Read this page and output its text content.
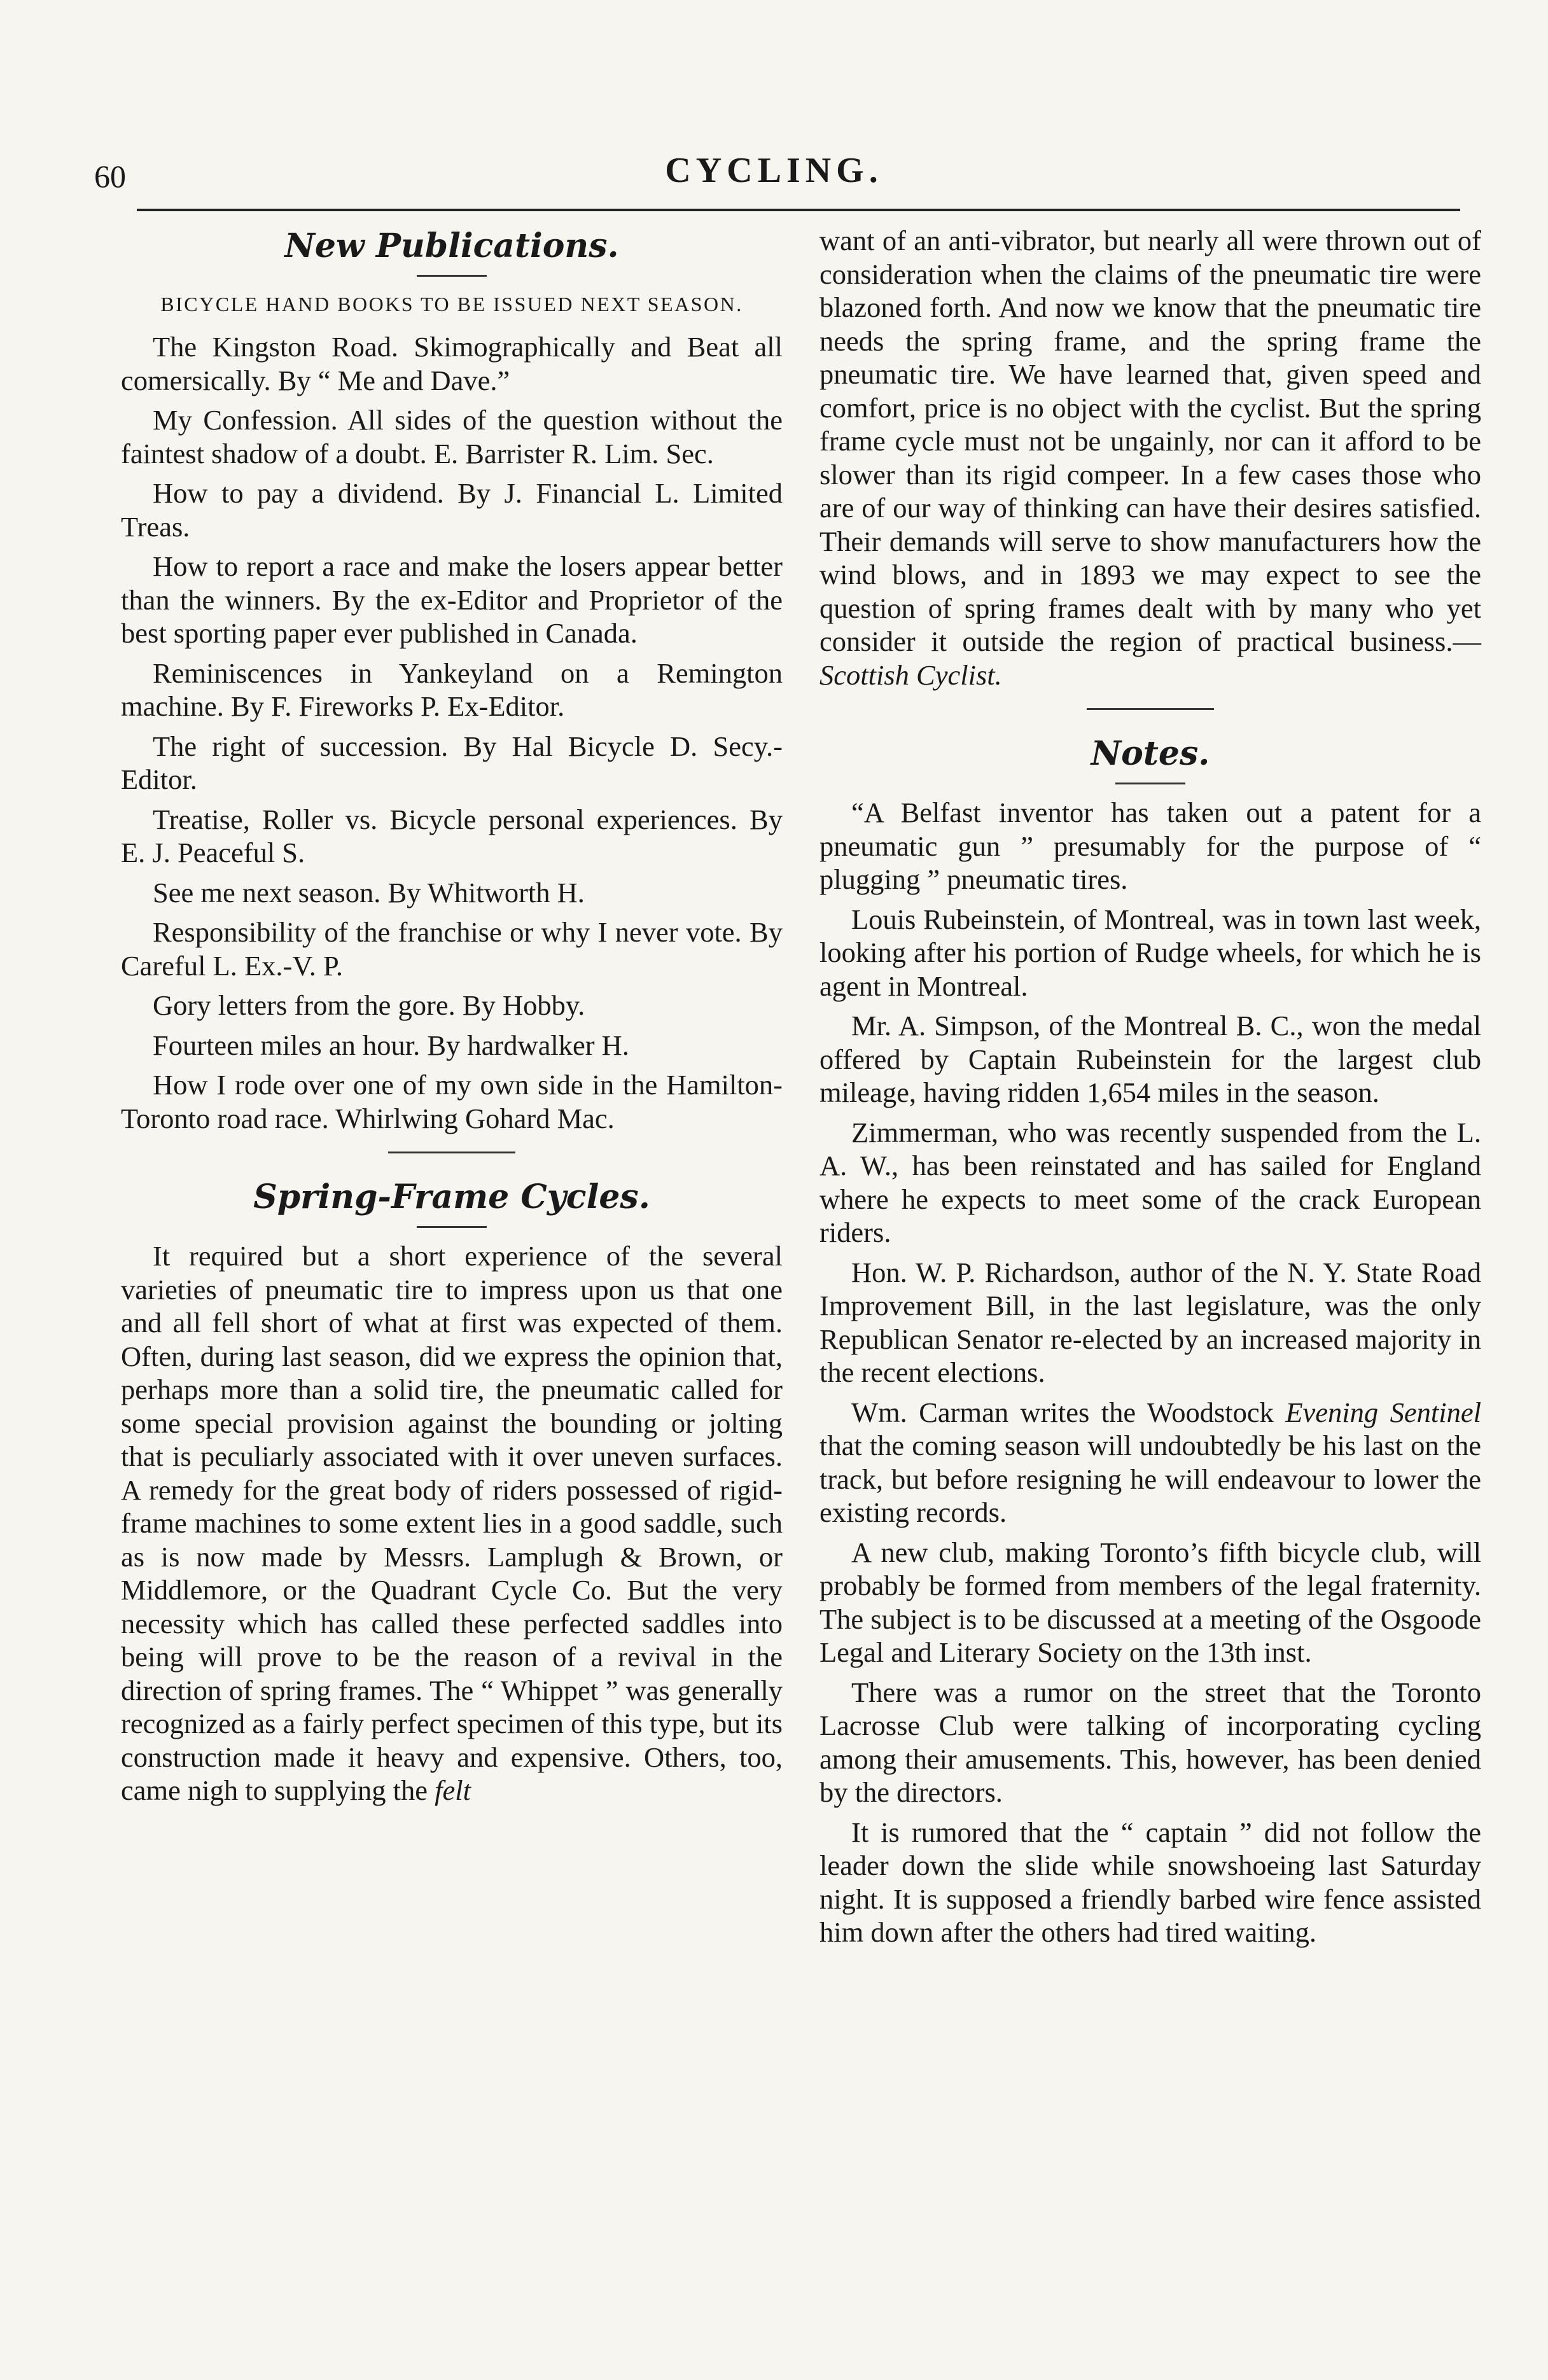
60	CYCLING.
New Publications.
BICYCLE HAND BOOKS TO BE ISSUED NEXT SEASON.

The Kingston Road. Skimographically and Beat all comersically. By “ Me and Dave.”

My Confession. All sides of the question without the faintest shadow of a doubt. E. Barrister R. Lim. Sec.

How to pay a dividend. By J. Financial L. Limited Treas.

How to report a race and make the losers appear better than the winners. By the ex-Editor and Proprietor of the best sporting paper ever published in Canada.

Reminiscences in Yankeyland on a Remington machine. By F. Fireworks P. Ex-Editor.

The right of succession. By Hal Bicycle D. Secy.-Editor.

Treatise, Roller vs. Bicycle personal experiences. By E. J. Peaceful S.

See me next season. By Whitworth H.

Responsibility of the franchise or why I never vote. By Careful L. Ex.-V. P.

Gory letters from the gore. By Hobby.

Fourteen miles an hour. By hardwalker H.

How I rode over one of my own side in the Hamilton-Toronto road race. Whirlwing Gohard Mac.

Spring-Frame Cycles.

It required but a short experience of the several varieties of pneumatic tire to impress upon us that one and all fell short of what at first was expected of them. Often, during last season, did we express the opinion that, perhaps more than a solid tire, the pneumatic called for some special provision against the bounding or jolting that is peculiarly associated with it over uneven surfaces. A remedy for the great body of riders possessed of rigid-frame machines to some extent lies in a good saddle, such as is now made by Messrs. Lamplugh & Brown, or Middlemore, or the Quadrant Cycle Co. But the very necessity which has called these perfected saddles into being will prove to be the reason of a revival in the direction of spring frames. The “ Whippet ” was generally recognized as a fairly perfect specimen of this type, but its construction made it heavy and expensive. Others, too, came nigh to supplying the felt

want of an anti-vibrator, but nearly all were thrown out of consideration when the claims of the pneumatic tire were blazoned forth. And now we know that the pneumatic tire needs the spring frame, and the spring frame the pneumatic tire. We have learned that, given speed and comfort, price is no object with the cyclist. But the spring frame cycle must not be ungainly, nor can it afford to be slower than its rigid compeer. In a few cases those who are of our way of thinking can have their desires satisfied. Their demands will serve to show manufacturers how the wind blows, and in 1893 we may expect to see the question of spring frames dealt with by many who yet consider it outside the region of practical business.—Scottish Cyclist.

Notes.

“A Belfast inventor has taken out a patent for a pneumatic gun ” presumably for the purpose of “ plugging ” pneumatic tires.

Louis Rubeinstein, of Montreal, was in town last week, looking after his portion of Rudge wheels, for which he is agent in Montreal.

Mr. A. Simpson, of the Montreal B. C., won the medal offered by Captain Rubeinstein for the largest club mileage, having ridden 1,654 miles in the season.

Zimmerman, who was recently suspended from the L. A. W., has been reinstated and has sailed for England where he expects to meet some of the crack European riders.

Hon. W. P. Richardson, author of the N. Y. State Road Improvement Bill, in the last legislature, was the only Republican Senator re-elected by an increased majority in the recent elections.

Wm. Carman writes the Woodstock Evening Sentinel that the coming season will undoubtedly be his last on the track, but before resigning he will endeavour to lower the existing records.

A new club, making Toronto’s fifth bicycle club, will probably be formed from members of the legal fraternity. The subject is to be discussed at a meeting of the Osgoode Legal and Literary Society on the 13th inst.

There was a rumor on the street that the Toronto Lacrosse Club were talking of incorporating cycling among their amusements. This, however, has been denied by the directors.

It is rumored that the “ captain ” did not follow the leader down the slide while snowshoeing last Saturday night. It is supposed a friendly barbed wire fence assisted him down after the others had tired waiting.
